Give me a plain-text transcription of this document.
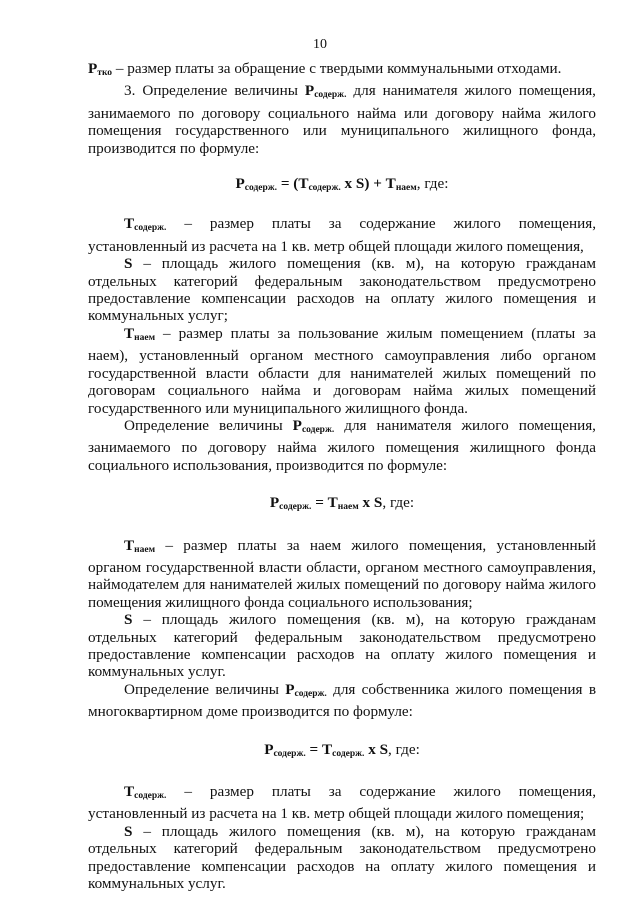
10

$P_{тко}$ – размер платы за обращение с твердыми коммунальными отходами.

3. Определение величины $P_{содерж.}$ для нанимателя жилого помещения, занимаемого по договору социального найма или договору найма жилого помещения государственного или муниципального жилищного фонда, производится по формуле:

$P_{содерж.} = (T_{содерж.}$ x $S) + T_{наем}$, где:

$T_{содерж.}$ – размер платы за содержание жилого помещения, установленный из расчета на 1 кв. метр общей площади жилого помещения,

S – площадь жилого помещения (кв. м), на которую гражданам отдельных категорий федеральным законодательством предусмотрено предоставление компенсации расходов на оплату жилого помещения и коммунальных услуг;

$T_{наем}$ – размер платы за пользование жилым помещением (платы за наем), установленный органом местного самоуправления либо органом государственной власти области для нанимателей жилых помещений по договорам социального найма и договорам найма жилых помещений государственного или муниципального жилищного фонда.

Определение величины $P_{содерж.}$ для нанимателя жилого помещения, занимаемого по договору найма жилого помещения жилищного фонда социального использования, производится по формуле:

$P_{содерж.} = T_{наем}$ x S, где:

$T_{наем}$ – размер платы за наем жилого помещения, установленный органом государственной власти области, органом местного самоуправления, наймодателем для нанимателей жилых помещений по договору найма жилого помещения жилищного фонда социального использования;

S – площадь жилого помещения (кв. м), на которую гражданам отдельных категорий федеральным законодательством предусмотрено предоставление компенсации расходов на оплату жилого помещения и коммунальных услуг.

Определение величины $P_{содерж.}$ для собственника жилого помещения в многоквартирном доме производится по формуле:

$P_{содерж.} = T_{содерж.}$ x S, где:

$T_{содерж.}$ – размер платы за содержание жилого помещения, установленный из расчета на 1 кв. метр общей площади жилого помещения;

S – площадь жилого помещения (кв. м), на которую гражданам отдельных категорий федеральным законодательством предусмотрено предоставление компенсации расходов на оплату жилого помещения и коммунальных услуг.
